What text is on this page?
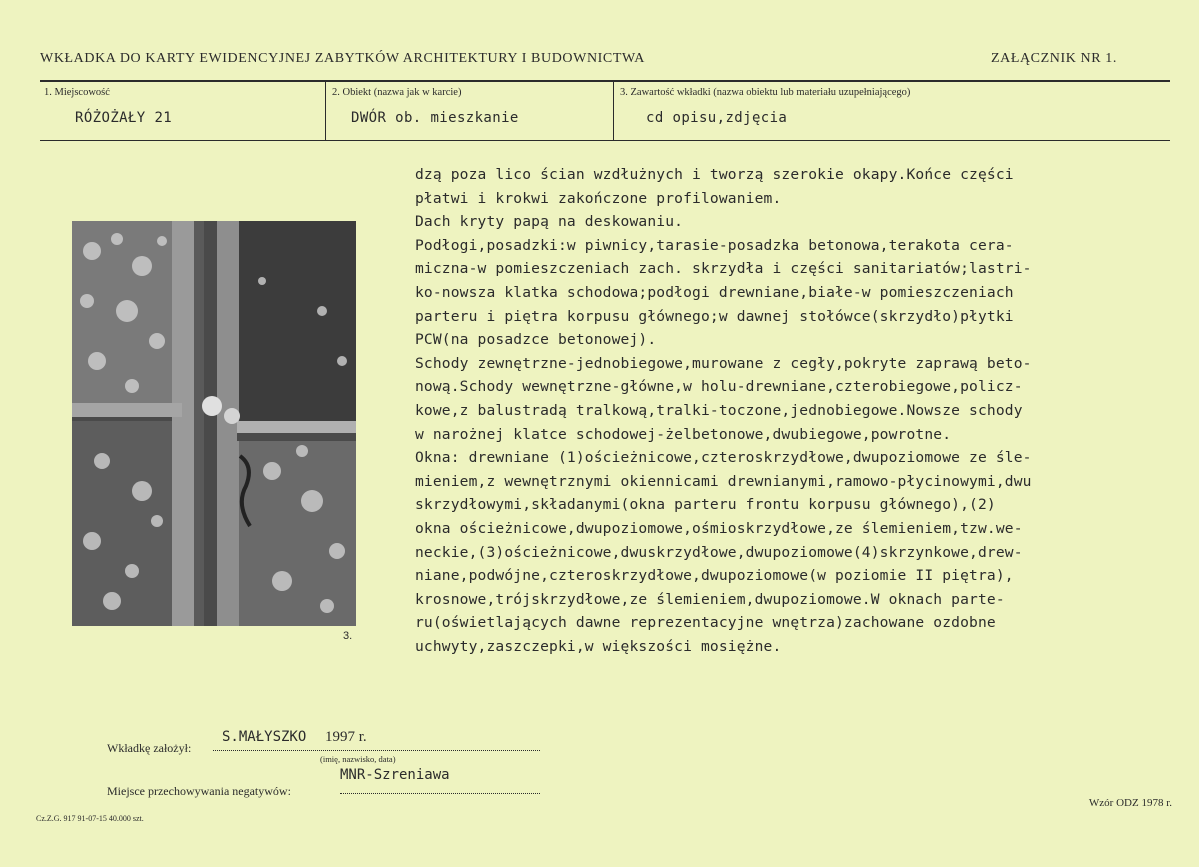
WKŁADKA DO KARTY EWIDENCYJNEJ ZABYTKÓW ARCHITEKTURY I BUDOWNICTWA	ZAŁĄCZNIK NR 1.
1. Miejscowość
RÓŻOŻAŁY 21
2. Obiekt (nazwa jak w karcie)
DWÓR ob. mieszkanie
3. Zawartość wkładki (nazwa obiektu lub materiału uzupełniającego)
cd opisu,zdjęcia
dzą poza lico ścian wzdłużnych i tworzą szerokie okapy.Końce części
płatwi i krokwi zakończone profilowaniem.
Dach kryty papą na deskowaniu.
Podłogi,posadzki:w piwnicy,tarasie-posadzka betonowa,terakota cera-
miczna-w pomieszczeniach zach. skrzydła i części sanitariatów;lastri-
ko-nowsza klatka schodowa;podłogi drewniane,białe-w pomieszczeniach
parteru i piętra korpusu głównego;w dawnej stołówce(skrzydło)płytki
PCW(na posadzce betonowej).
Schody zewnętrzne-jednobiegowe,murowane z cegły,pokryte zaprawą beto-
nową.Schody wewnętrzne-główne,w holu-drewniane,czterobiegowe,policz-
kowe,z balustradą tralkową,tralki-toczone,jednobiegowe.Nowsze schody
w narożnej klatce schodowej-żelbetonowe,dwubiegowe,powrotne.
Okna: drewniane (1)ościeżnicowe,czteroskrzydłowe,dwupoziomowe ze śle-
mieniem,z wewnętrznymi okiennicami drewnianymi,ramowo-płycinowymi,dwu
skrzydłowymi,składanymi(okna parteru frontu korpusu głównego),(2)
okna ościeżnicowe,dwupoziomowe,ośmioskrzydłowe,ze ślemieniem,tzw.we-
neckie,(3)ościeżnicowe,dwuskrzydłowe,dwupoziomowe(4)skrzynkowe,drew-
niane,podwójne,czteroskrzydłowe,dwupoziomowe(w poziomie II piętra),
krosnowe,trójskrzydłowe,ze ślemieniem,dwupoziomowe.W oknach parte-
ru(oświetlających dawne reprezentacyjne wnętrza)zachowane ozdobne
uchwyty,zaszczepki,w większości mosiężne.
3.
Wkładkę założył:
S.MAŁYSZKO 1997 r.
(imię, nazwisko, data)
Miejsce przechowywania negatywów:
MNR-Szreniawa
Cz.Z.G. 917 91-07-15 40.000 szt.
Wzór ODZ 1978 r.
